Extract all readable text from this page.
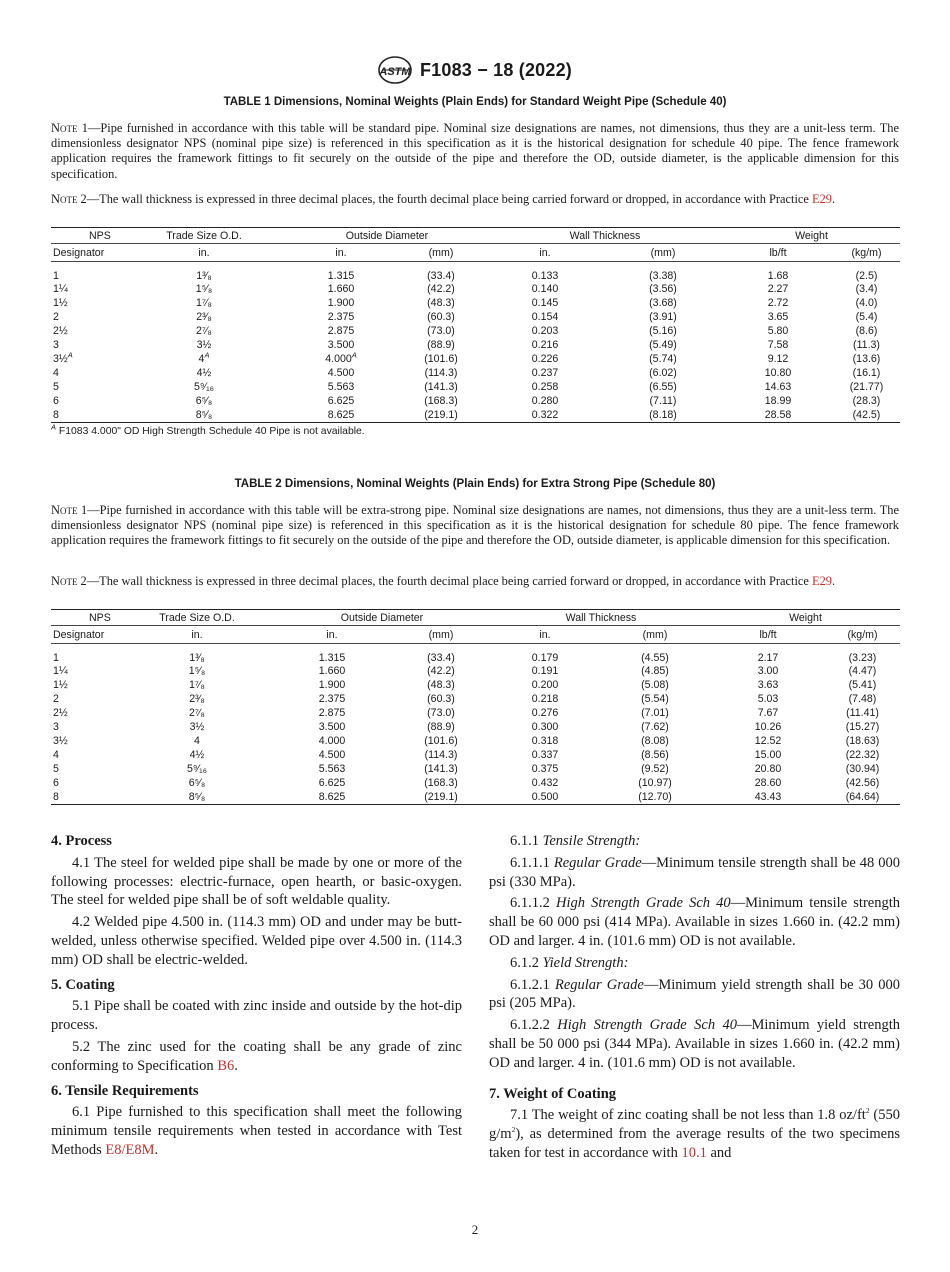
ASTM F1083 − 18 (2022)
TABLE 1 Dimensions, Nominal Weights (Plain Ends) for Standard Weight Pipe (Schedule 40)
Note 1—Pipe furnished in accordance with this table will be standard pipe. Nominal size designations are names, not dimensions, thus they are a unit-less term. The dimensionless designator NPS (nominal pipe size) is referenced in this specification as it is the historical designation for schedule 40 pipe. The fence framework application requires the framework fittings to fit securely on the outside of the pipe and therefore the OD, outside diameter, is the applicable dimension for this specification.
Note 2—The wall thickness is expressed in three decimal places, the fourth decimal place being carried forward or dropped, in accordance with Practice E29.
NPS	Trade Size O.D.	Outside Diameter		Wall Thickness		Weight	
Designator	in.	in.	(mm)	in.	(mm)	lb/ft	(kg/m)

1	1³⁄₈	1.315	(33.4)	0.133	(3.38)	1.68	(2.5)
1¼	1⁵⁄₈	1.660	(42.2)	0.140	(3.56)	2.27	(3.4)
1½	1⁷⁄₈	1.900	(48.3)	0.145	(3.68)	2.72	(4.0)
2	2³⁄₈	2.375	(60.3)	0.154	(3.91)	3.65	(5.4)
2½	2⁷⁄₈	2.875	(73.0)	0.203	(5.16)	5.80	(8.6)
3	3½	3.500	(88.9)	0.216	(5.49)	7.58	(11.3)
3½$^A$	$4^A$	$4.000^A$	(101.6)	0.226	(5.74)	9.12	(13.6)
4	4½	4.500	(114.3)	0.237	(6.02)	10.80	(16.1)
5	5⁹⁄₁₆	5.563	(141.3)	0.258	(6.55)	14.63	(21.77)
6	6⁵⁄₈	6.625	(168.3)	0.280	(7.11)	18.99	(28.3)
8	8⁵⁄₈	8.625	(219.1)	0.322	(8.18)	28.58	(42.5)
$^A$ F1083 4.000" OD High Strength Schedule 40 Pipe is not available.
TABLE 2 Dimensions, Nominal Weights (Plain Ends) for Extra Strong Pipe (Schedule 80)
Note 1—Pipe furnished in accordance with this table will be extra-strong pipe. Nominal size designations are names, not dimensions, thus they are a unit-less term. The dimensionless designator NPS (nominal pipe size) is referenced in this specification as it is the historical designation for schedule 80 pipe. The fence framework application requires the framework fittings to fit securely on the outside of the pipe and therefore the OD, outside diameter, is applicable dimension for this specification.
Note 2—The wall thickness is expressed in three decimal places, the fourth decimal place being carried forward or dropped, in accordance with Practice E29.
NPS	Trade Size O.D.	Outside Diameter		Wall Thickness		Weight	
Designator	in.	in.	(mm)	in.	(mm)	lb/ft	(kg/m)

1	1³⁄₈	1.315	(33.4)	0.179	(4.55)	2.17	(3.23)
1¼	1⁵⁄₈	1.660	(42.2)	0.191	(4.85)	3.00	(4.47)
1½	1⁷⁄₈	1.900	(48.3)	0.200	(5.08)	3.63	(5.41)
2	2³⁄₈	2.375	(60.3)	0.218	(5.54)	5.03	(7.48)
2½	2⁷⁄₈	2.875	(73.0)	0.276	(7.01)	7.67	(11.41)
3	3½	3.500	(88.9)	0.300	(7.62)	10.26	(15.27)
3½	4	4.000	(101.6)	0.318	(8.08)	12.52	(18.63)
4	4½	4.500	(114.3)	0.337	(8.56)	15.00	(22.32)
5	5⁹⁄₁₆	5.563	(141.3)	0.375	(9.52)	20.80	(30.94)
6	6⁵⁄₈	6.625	(168.3)	0.432	(10.97)	28.60	(42.56)
8	8⁵⁄₈	8.625	(219.1)	0.500	(12.70)	43.43	(64.64)
4. Process

4.1 The steel for welded pipe shall be made by one or more of the following processes: electric-furnace, open hearth, or basic-oxygen. The steel for welded pipe shall be of soft weldable quality.

4.2 Welded pipe 4.500 in. (114.3 mm) OD and under may be butt-welded, unless otherwise specified. Welded pipe over 4.500 in. (114.3 mm) OD shall be electric-welded.

5. Coating

5.1 Pipe shall be coated with zinc inside and outside by the hot-dip process.

5.2 The zinc used for the coating shall be any grade of zinc conforming to Specification B6.

6. Tensile Requirements

6.1 Pipe furnished to this specification shall meet the following minimum tensile requirements when tested in accordance with Test Methods E8/E8M.

6.1.1 Tensile Strength:

6.1.1.1 Regular Grade—Minimum tensile strength shall be 48 000 psi (330 MPa).

6.1.1.2 High Strength Grade Sch 40—Minimum tensile strength shall be 60 000 psi (414 MPa). Available in sizes 1.660 in. (42.2 mm) OD and larger. 4 in. (101.6 mm) OD is not available.

6.1.2 Yield Strength:

6.1.2.1 Regular Grade—Minimum yield strength shall be 30 000 psi (205 MPa).

6.1.2.2 High Strength Grade Sch 40—Minimum yield strength shall be 50 000 psi (344 MPa). Available in sizes 1.660 in. (42.2 mm) OD and larger. 4 in. (101.6 mm) OD is not available.

7. Weight of Coating

7.1 The weight of zinc coating shall be not less than 1.8 $oz/ft^2$ (550 $g/m^2$), as determined from the average results of the two specimens taken for test in accordance with 10.1 and

2
